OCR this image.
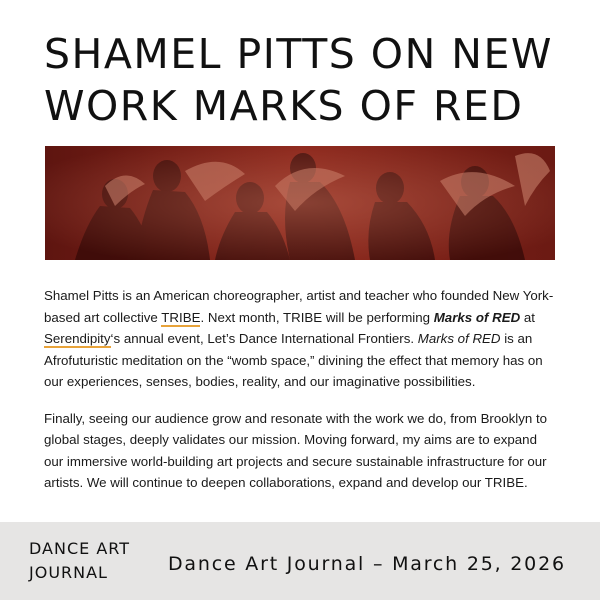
SHAMEL PITTS ON NEW WORK MARKS OF RED

Shamel Pitts is an American choreographer, artist and teacher who founded New York-based art collective TRIBE. Next month, TRIBE will be performing Marks of RED at Serendipity‘s annual event, Let’s Dance International Frontiers. Marks of RED is an Afrofuturistic meditation on the “womb space,” divining the effect that memory has on our experiences, senses, bodies, reality, and our imaginative possibilities.

Finally, seeing our audience grow and resonate with the work we do, from Brooklyn to global stages, deeply validates our mission. Moving forward, my aims are to expand our immersive world-building art projects and secure sustainable infrastructure for our artists. We will continue to deepen collaborations, expand and develop our TRIBE.

DANCE ART
JOURNAL	Dance Art Journal – March 25, 2026
